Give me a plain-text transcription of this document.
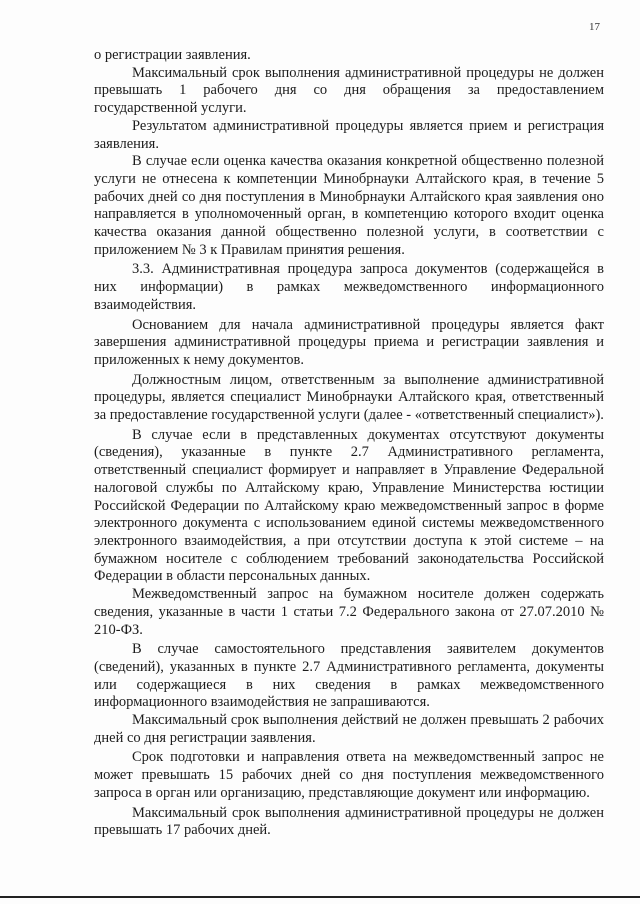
17

о регистрации заявления.

Максимальный срок выполнения административной процедуры не должен превышать 1 рабочего дня со дня обращения за предоставлением государственной услуги.

Результатом административной процедуры является прием и регистрация заявления.

В случае если оценка качества оказания конкретной общественно полезной услуги не отнесена к компетенции Минобрнауки Алтайского края, в течение 5 рабочих дней со дня поступления в Минобрнауки Алтайского края заявления оно направляется в уполномоченный орган, в компетенцию которого входит оценка качества оказания данной общественно полезной услуги, в соответствии с приложением № 3 к Правилам принятия решения.

3.3. Административная процедура запроса документов (содержащейся в них информации) в рамках межведомственного информационного взаимодействия.

Основанием для начала административной процедуры является факт завершения административной процедуры приема и регистрации заявления и приложенных к нему документов.

Должностным лицом, ответственным за выполнение административной процедуры, является специалист Минобрнауки Алтайского края, ответственный за предоставление государственной услуги (далее - «ответственный специалист»).

В случае если в представленных документах отсутствуют документы (сведения), указанные в пункте 2.7 Административного регламента, ответственный специалист формирует и направляет в Управление Федеральной налоговой службы по Алтайскому краю, Управление Министерства юстиции Российской Федерации по Алтайскому краю межведомственный запрос в форме электронного документа с использованием единой системы межведомственного электронного взаимодействия, а при отсутствии доступа к этой системе – на бумажном носителе с соблюдением требований законодательства Российской Федерации в области персональных данных.

Межведомственный запрос на бумажном носителе должен содержать сведения, указанные в части 1 статьи 7.2 Федерального закона от 27.07.2010 № 210-ФЗ.

В случае самостоятельного представления заявителем документов (сведений), указанных в пункте 2.7 Административного регламента, документы или содержащиеся в них сведения в рамках межведомственного информационного взаимодействия не запрашиваются.

Максимальный срок выполнения действий не должен превышать 2 рабочих дней со дня регистрации заявления.

Срок подготовки и направления ответа на межведомственный запрос не может превышать 15 рабочих дней со дня поступления межведомственного запроса в орган или организацию, представляющие документ или информацию.

Максимальный срок выполнения административной процедуры не должен превышать 17 рабочих дней.
